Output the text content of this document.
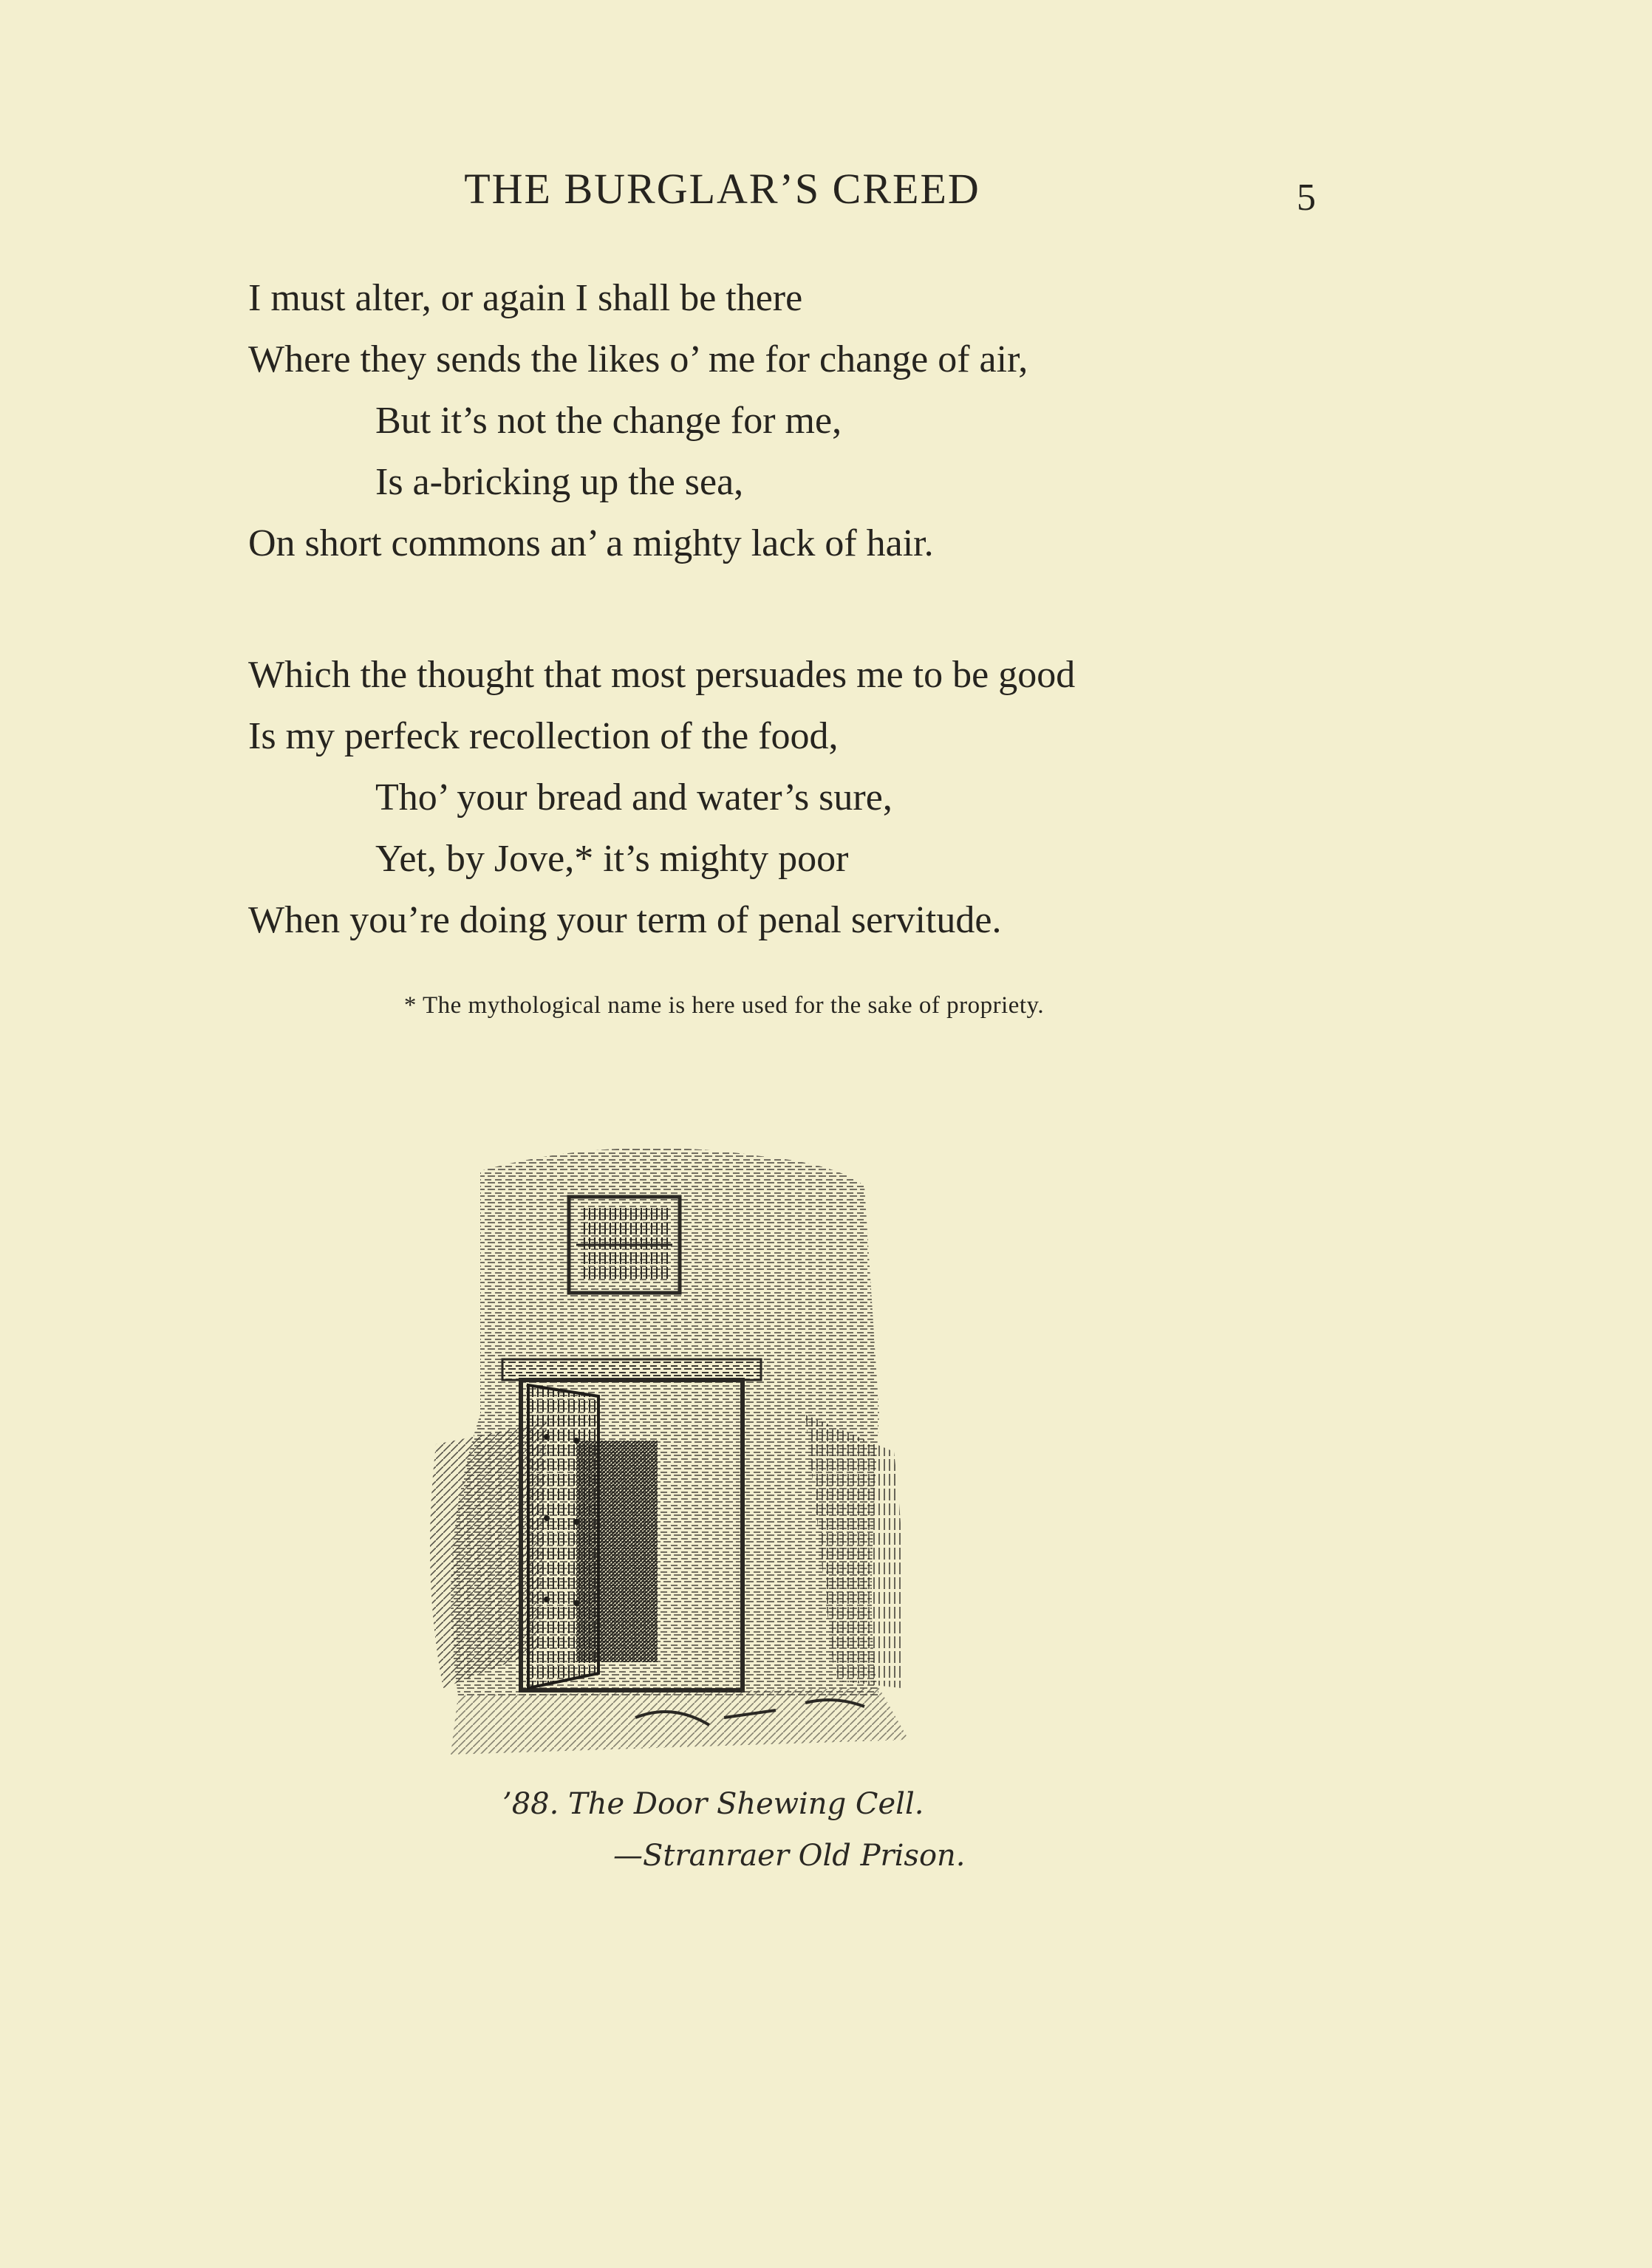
THE BURGLAR’S CREED	5
I must alter, or again I shall be there
Where they sends the likes o’ me for change of air,
But it’s not the change for me,
Is a-bricking up the sea,
On short commons an’ a mighty lack of hair.
Which the thought that most persuades me to be good
Is my perfeck recollection of the food,
Tho’ your bread and water’s sure,
Yet, by Jove,* it’s mighty poor
When you’re doing your term of penal servitude.
* The mythological name is here used for the sake of propriety.
’88. The Door Shewing Cell.
—Stranraer Old Prison.
